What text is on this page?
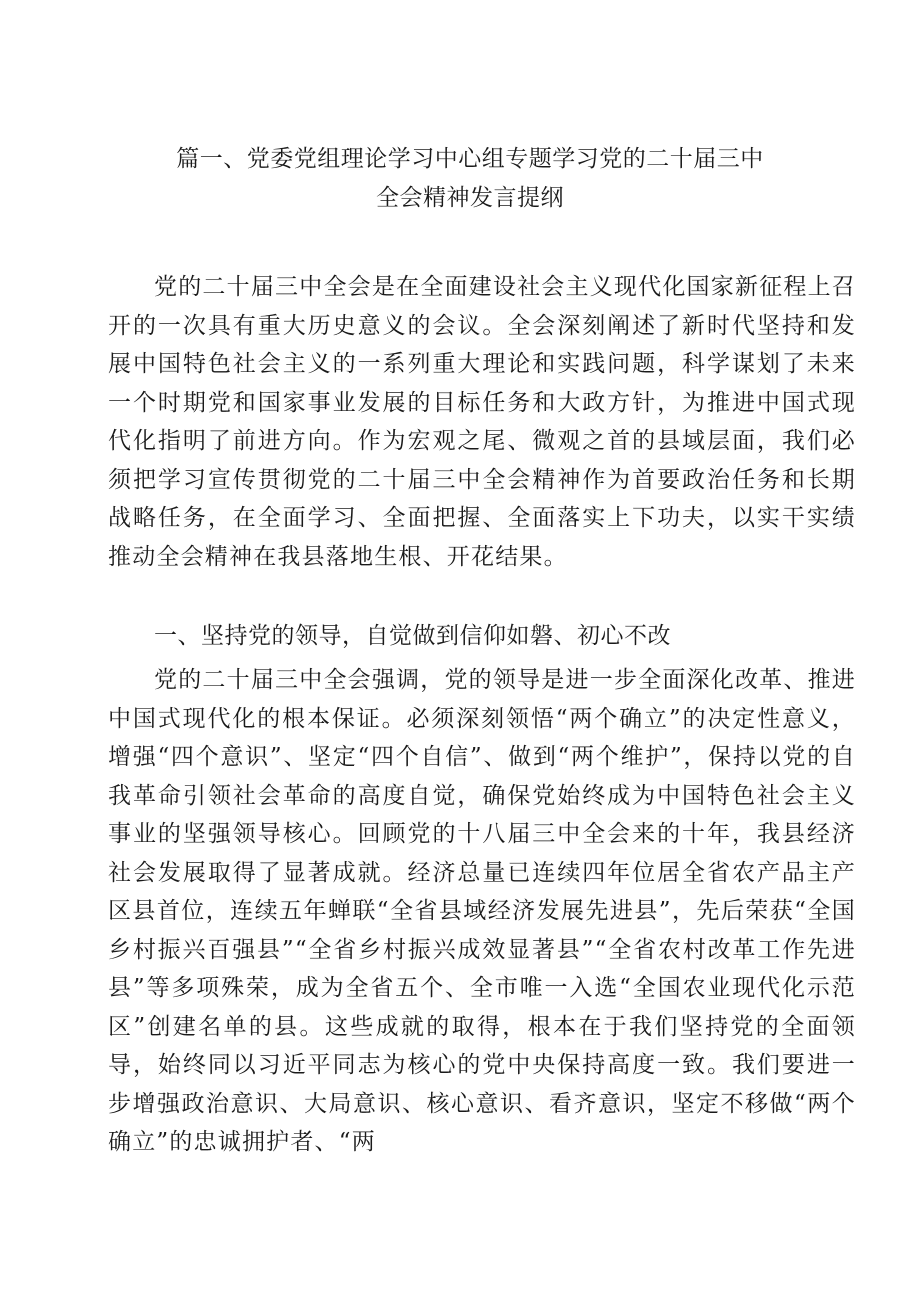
篇一、党委党组理论学习中心组专题学习党的二十届三中
全会精神发言提纲

党的二十届三中全会是在全面建设社会主义现代化国家新征程上召开的一次具有重大历史意义的会议。全会深刻阐述了新时代坚持和发展中国特色社会主义的一系列重大理论和实践问题，科学谋划了未来一个时期党和国家事业发展的目标任务和大政方针，为推进中国式现代化指明了前进方向。作为宏观之尾、微观之首的县域层面，我们必须把学习宣传贯彻党的二十届三中全会精神作为首要政治任务和长期战略任务，在全面学习、全面把握、全面落实上下功夫，以实干实绩推动全会精神在我县落地生根、开花结果。

一、坚持党的领导，自觉做到信仰如磐、初心不改

党的二十届三中全会强调，党的领导是进一步全面深化改革、推进中国式现代化的根本保证。必须深刻领悟“两个确立”的决定性意义，增强“四个意识”、坚定“四个自信”、做到“两个维护”，保持以党的自我革命引领社会革命的高度自觉，确保党始终成为中国特色社会主义事业的坚强领导核心。回顾党的十八届三中全会来的十年，我县经济社会发展取得了显著成就。经济总量已连续四年位居全省农产品主产区县首位，连续五年蝉联“全省县域经济发展先进县”，先后荣获“全国乡村振兴百强县”“全省乡村振兴成效显著县”“全省农村改革工作先进县”等多项殊荣，成为全省五个、全市唯一入选“全国农业现代化示范区”创建名单的县。这些成就的取得，根本在于我们坚持党的全面领导，始终同以习近平同志为核心的党中央保持高度一致。我们要进一步增强政治意识、大局意识、核心意识、看齐意识，坚定不移做“两个确立”的忠诚拥护者、“两
